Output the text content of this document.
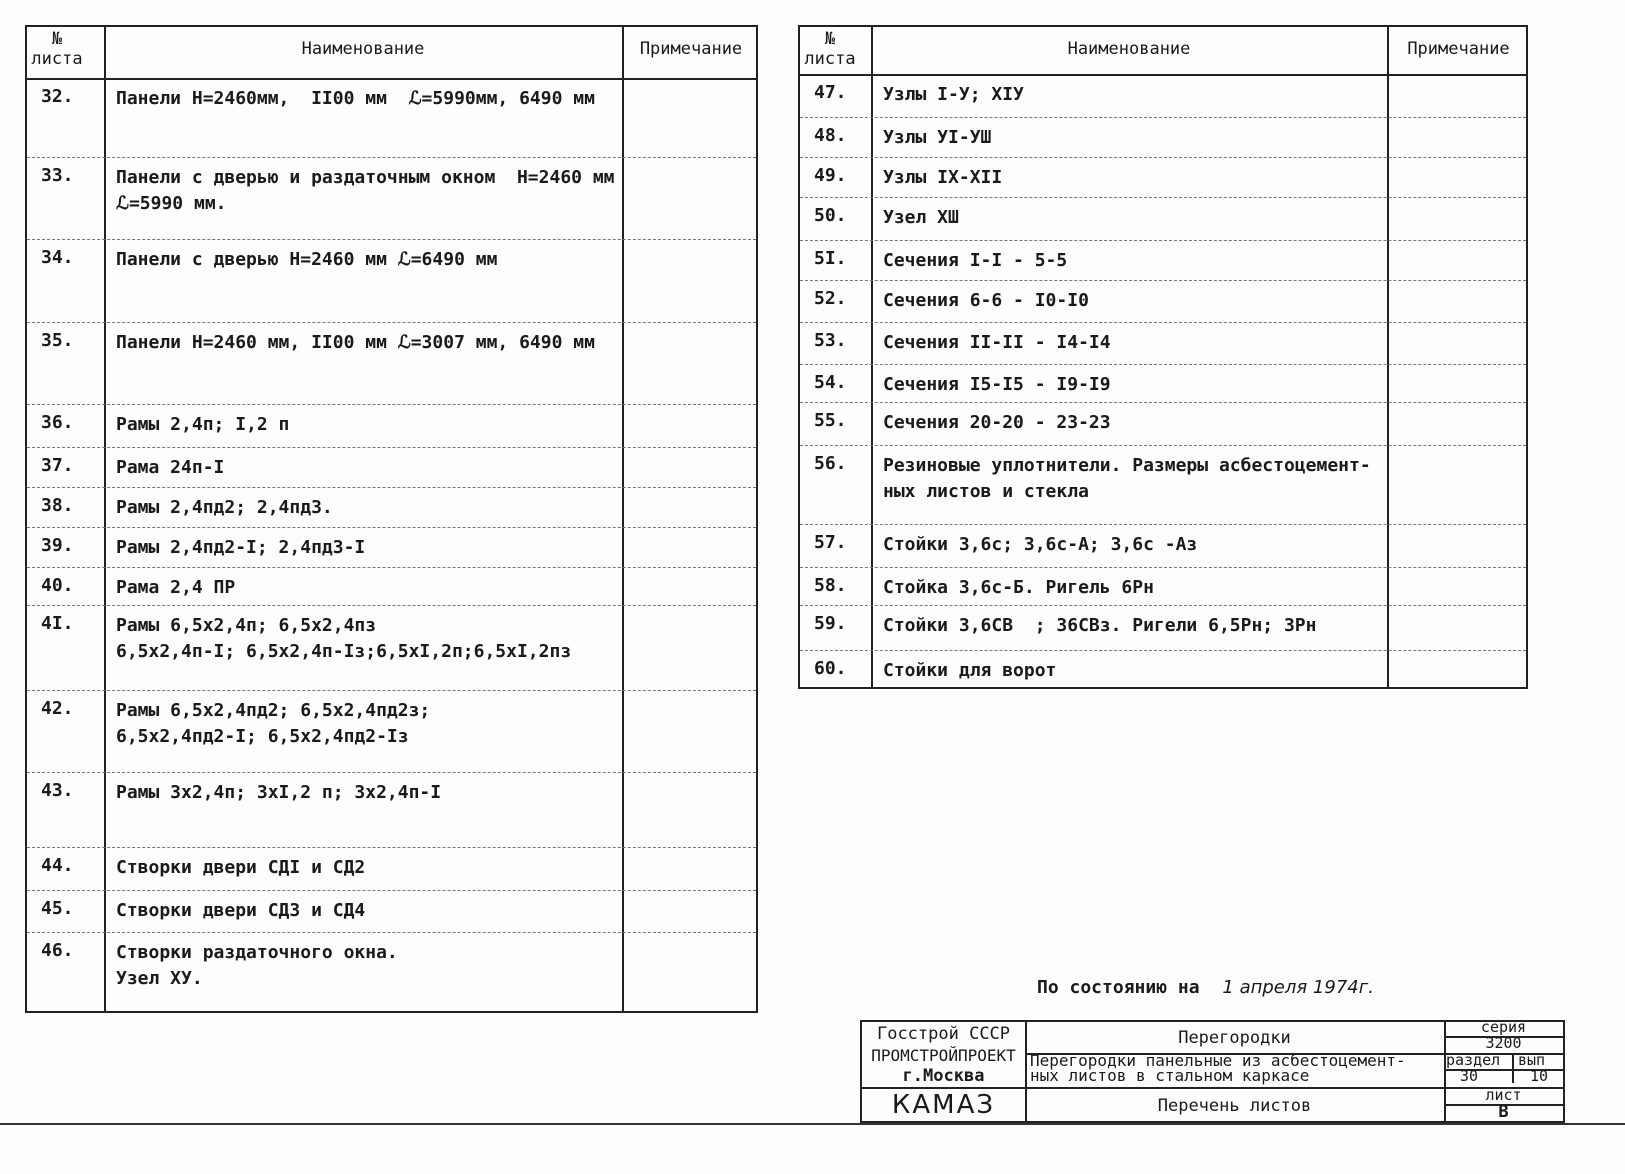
№ листа	Наименование	Примечание
32. Панели Н=2460мм,  II00 мм  ℒ=5990мм, 6490 мм
33. Панели с дверью и раздаточным окном  Н=2460 мм
ℒ=5990 мм.
34. Панели с дверью Н=2460 мм ℒ=6490 мм
35. Панели Н=2460 мм, II00 мм ℒ=3007 мм, 6490 мм
36. Рамы 2,4п; I,2 п
37. Рама 24п-I
38. Рамы 2,4пд2; 2,4пд3.
39. Рамы 2,4пд2-I; 2,4пд3-I
40. Рама 2,4 ПР
4I. Рамы 6,5х2,4п; 6,5х2,4пз
6,5х2,4п-I; 6,5х2,4п-Iз;6,5хI,2п;6,5хI,2пз
42. Рамы 6,5х2,4пд2; 6,5х2,4пд2з;
6,5х2,4пд2-I; 6,5х2,4пд2-Iз
43. Рамы 3х2,4п; 3хI,2 п; 3х2,4п-I
44. Створки двери СДI и СД2
45. Створки двери СД3 и СД4
46. Створки раздаточного окна.
Узел ХУ.
№ листа	Наименование	Примечание
47. Узлы I-У; XIУ
48. Узлы УI-УШ
49. Узлы IX-XII
50. Узел XШ
5I. Сечения I-I - 5-5
52. Сечения 6-6 - I0-I0
53. Сечения II-II - I4-I4
54. Сечения I5-I5 - I9-I9
55. Сечения 20-20 - 23-23
56. Резиновые уплотнители. Размеры асбестоцемент-
ных листов и стекла
57. Стойки 3,6с; 3,6с-А; 3,6с -Аз
58. Стойка 3,6с-Б. Ригель 6Рн
59. Стойки 3,6СВ  ; 36СВз. Ригели 6,5Рн; 3Рн
60. Стойки для ворот
По состоянию на 1 апреля 1974г.
Госстрой СССР
ПРОМСТРОЙПРОЕКТ
г.Москва
КАМАЗ
Перегородки
Перегородки панельные из асбестоцемент-
ных листов в стальном каркасе
Перечень листов
серия
3200
раздел вып
30	10
лист
В
